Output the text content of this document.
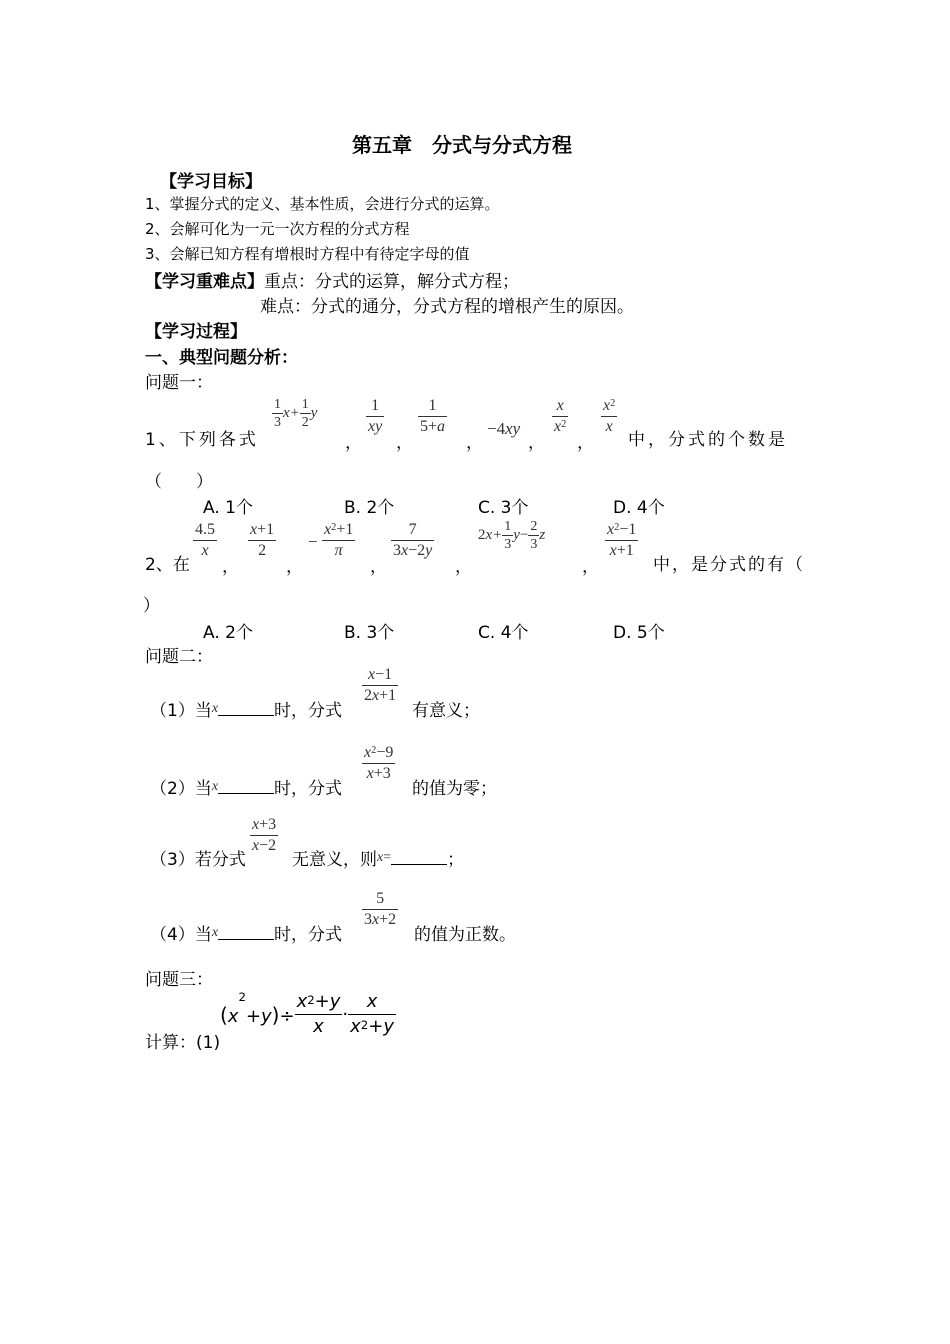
第五章　分式与分式方程
【学习目标】
1、掌握分式的定义、基本性质，会进行分式的运算。
2、会解可化为一元一次方程的分式方程
3、会解已知方程有增根时方程中有待定字母的值
【学习重难点】重点：分式的运算，解分式方程；
难点：分式的通分，分式方程的增根产生的原因。
【学习过程】
一、典型问题分析：
问题一：
1、下列各式
$\frac{1}{3} x+ \frac{1}{2}$ y
，
$\frac{1}{xy}$
，
$\frac{1}{5+a}$
，
−4xy
，
$\frac{x}{x^2}$
，
$\frac{x^2}{x}$
中，分式的个数是
（　　）
A. 1个	B. 2个	C. 3个	D. 4个
2、在
$\frac{4.5}{x}$
，
$\frac{x+1}{2}$
，
− $\frac{x^2+1}{\pi}$
，
$\frac{7}{3x-2y}$
，
$2x+ \frac{1}{3} y- \frac{2}{3}$ z
，
$\frac{x^2-1}{x+1}$
中，是分式的有（
）
A. 2个	B. 3个	C. 4个	D. 5个
问题二：
（1）当$^x$	时，分式
$\frac{x-1}{2x+1}$
有意义；
（2）当$^x$	时，分式
$\frac{x^2-9}{x+3}$
的值为零；
（3）若分式
$\frac{x+3}{x-2}$
无意义，则$^{x=}$	；
（4）当$^x$	时，分式
$\frac{5}{3x+2}$
的值为正数。
问题三：
计算：(1)
$(x^2+y)\div \frac{x^2+y}{x} \cdot \frac{x}{x^2+y}$
